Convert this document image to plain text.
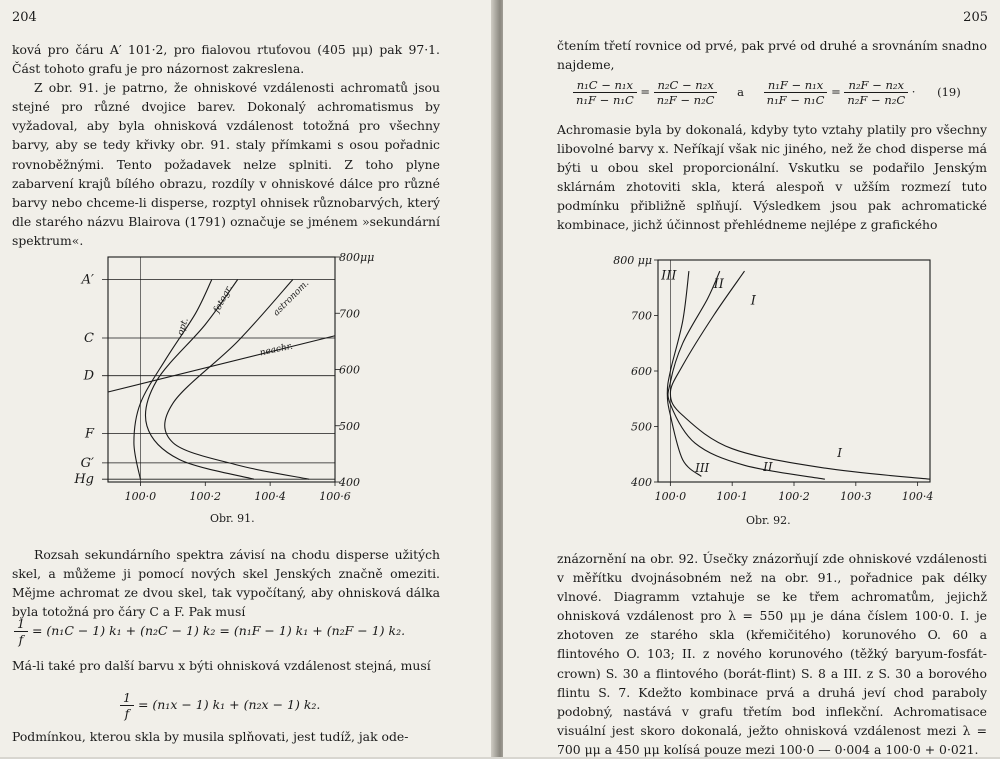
204

ková pro čáru A′ 101·2, pro fialovou rtuťovou (405 μμ) pak 97·1. Část tohoto grafu je pro názornost zakreslena.

Z obr. 91. je patrno, že ohniskové vzdálenosti achromatů jsou stejné pro různé dvojice barev. Dokonalý achromatismus by vyžadoval, aby byla ohnisková vzdálenost totožná pro všechny barvy, aby se tedy křivky obr. 91. staly přímkami s osou pořadnic rovnoběžnými. Tento požadavek nelze splniti. Z toho plyne zabarvení krajů bílého obrazu, rozdíly v ohniskové dálce pro různé barvy nebo chceme-li disperse, rozptyl ohnisek různobarvých, který dle starého názvu Blairova (1791) označuje se jménem »sekundární spektrum«.

A′
C
D
F
G′
Hg
800μμ
700
600
500
400
100·0	100·2	100·4	100·6
opt.
fotogr.	astronom.
neachr.
Obr. 91.

Rozsah sekundárního spektra závisí na chodu disperse užitých skel, a můžeme ji pomocí nových skel Jenských značně omeziti. Mějme achromat ze dvou skel, tak vypočítaný, aby ohnisková dálka byla totožná pro čáry C a F. Pak musí

$\frac{1}{f} = (n_1C - 1) k_1 + (n_2C - 1) k_2 = (n_1F - 1) k_1 + (n_2F - 1)$ k₂.

Má-li také pro další barvu x býti ohnisková vzdálenost stejná, musí

$\frac{1}{f} = (n_1x - 1) k_1 + (n_2x - 1)$ k₂.

Podmínkou, kterou skla by musila splňovati, jest tudíž, jak ode-

205

čtením třetí rovnice od prvé, pak prvé od druhé a srovnáním snadno najdeme,

$\frac{\text{n₁C − n₁x}}{\text{n₁F − n₁C}} = \frac{\text{n₂C − n₂x}}{\text{n₂F − n₂C}}$ a $\frac{\text{n₁F − n₁x}}{\text{n₁F − n₁C}} = \frac{\text{n₂F − n₂x}}{\text{n₂F − n₂C}} \cdot (19)$

Achromasie byla by dokonalá, kdyby tyto vztahy platily pro všechny libovolné barvy x. Neříkají však nic jiného, než že chod disperse má býti u obou skel proporcionální. Vskutku se podařilo Jenským sklárnám zhotoviti skla, která alespoň v užším rozmezí tuto podmínku přibližně splňují. Výsledkem jsou pak achromatické kombinace, jichž účinnost přehlédneme nejlépe z grafického

800 μμ
700
600
500
400
100·0	100·1	100·2	100·3	100·4
I
I
II
II
III
III
Obr. 92.

znázornění na obr. 92. Úsečky znázorňují zde ohniskové vzdálenosti v měřítku dvojnásobném než na obr. 91., pořadnice pak délky vlnové. Diagramm vztahuje se ke třem achromatům, jejichž ohnisková vzdálenost pro λ = 550 μμ je dána číslem 100·0. I. je zhotoven ze starého skla (křemičitého) korunového O. 60 a flintového O. 103; II. z nového korunového (těžký baryum-fosfát-crown) S. 30 a flintového (borát-flint) S. 8 a III. z S. 30 a borového flintu S. 7. Kdežto kombinace prvá a druhá jeví chod paraboly podobný, nastává v grafu třetím bod inflekční. Achromatisace visuální jest skoro dokonalá, ježto ohnisková vzdálenost mezi λ = 700 μμ a 450 μμ kolísá pouze mezi 100·0 — 0·004 a 100·0 + 0·021.
